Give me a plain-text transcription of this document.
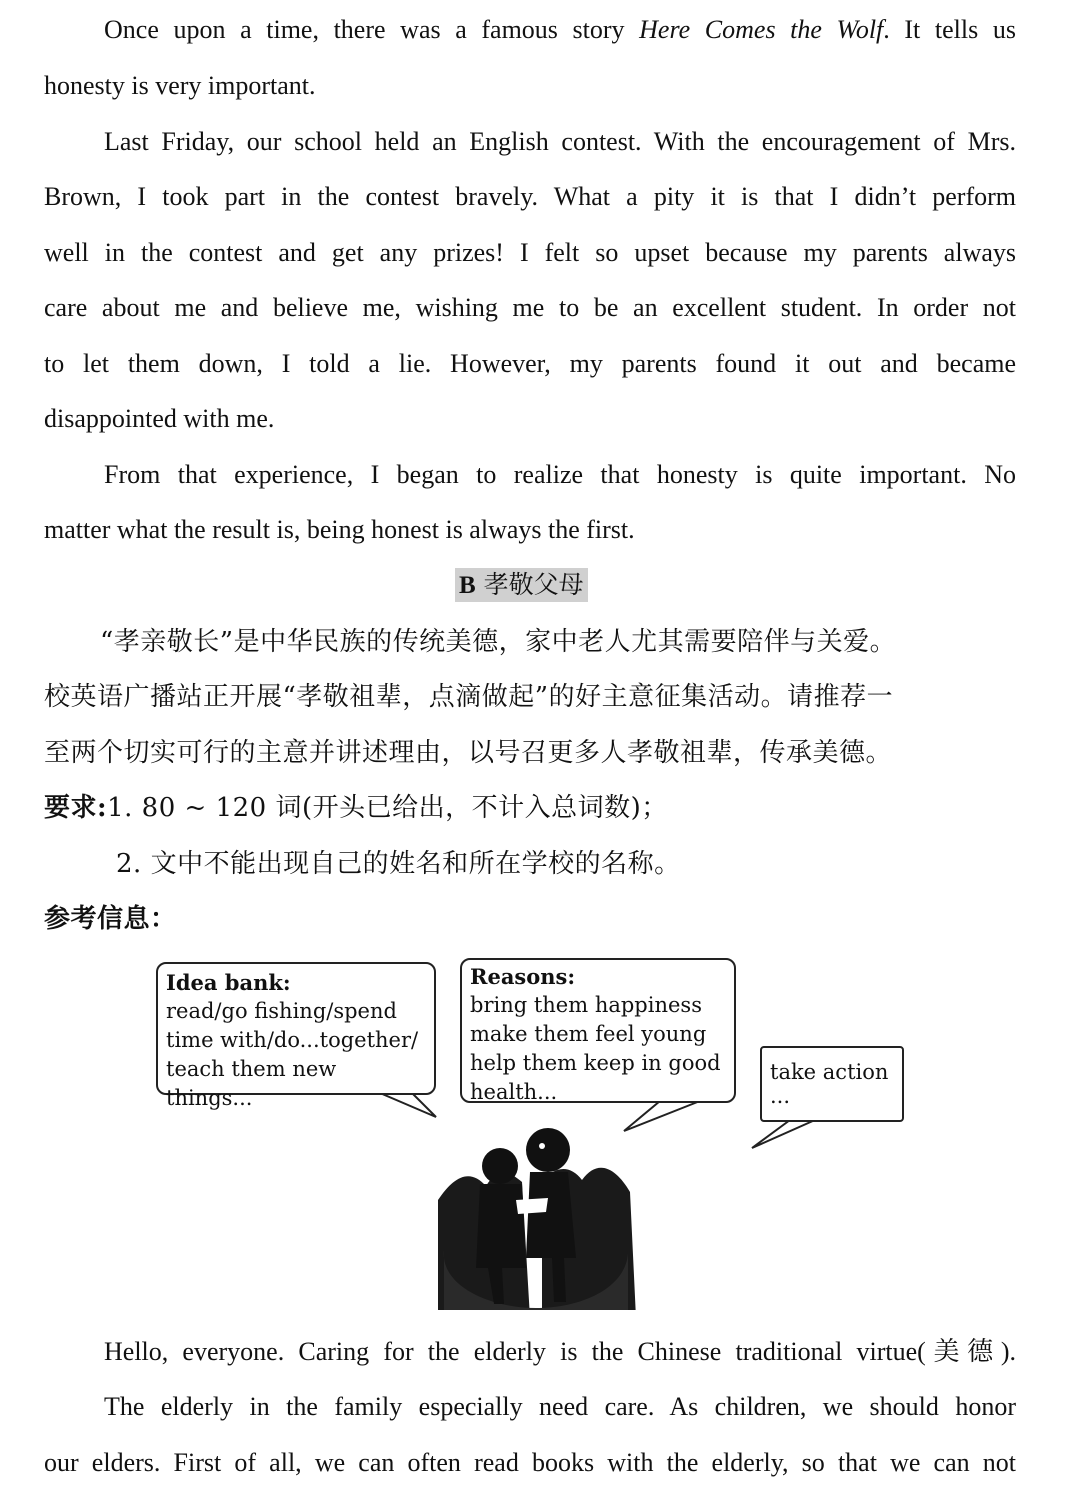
Once upon a time, there was a famous story Here Comes the Wolf. It tells us
honesty is very important.
Last Friday, our school held an English contest. With the encouragement of Mrs.
Brown, I took part in the contest bravely. What a pity it is that I didn’t perform
well in the contest and get any prizes! I felt so upset because my parents always
care about me and believe me, wishing me to be an excellent student. In order not
to let them down, I told a lie. However, my parents found it out and became
disappointed with me.
From that experience, I began to realize that honesty is quite important. No
matter what the result is, being honest is always the first.
B 孝敬父母
“孝亲敬长”是中华民族的传统美德，家中老人尤其需要陪伴与关爱。
校英语广播站正开展“孝敬祖辈，点滴做起”的好主意征集活动。请推荐一
至两个切实可行的主意并讲述理由，以号召更多人孝敬祖辈，传承美德。
要求:1. 80 ~ 120 词(开头已给出，不计入总词数)；
2. 文中不能出现自己的姓名和所在学校的名称。
参考信息：
Idea bank:
read/go fishing/spend
time with/do...together/
teach them new things...
Reasons:
bring them happiness
make them feel young
help them keep in good
health...
take action
...
Hello, everyone. Caring for the elderly is the Chinese traditional virtue(美德).
The elderly in the family especially need care. As children, we should honor
our elders. First of all, we can often read books with the elderly, so that we can not
